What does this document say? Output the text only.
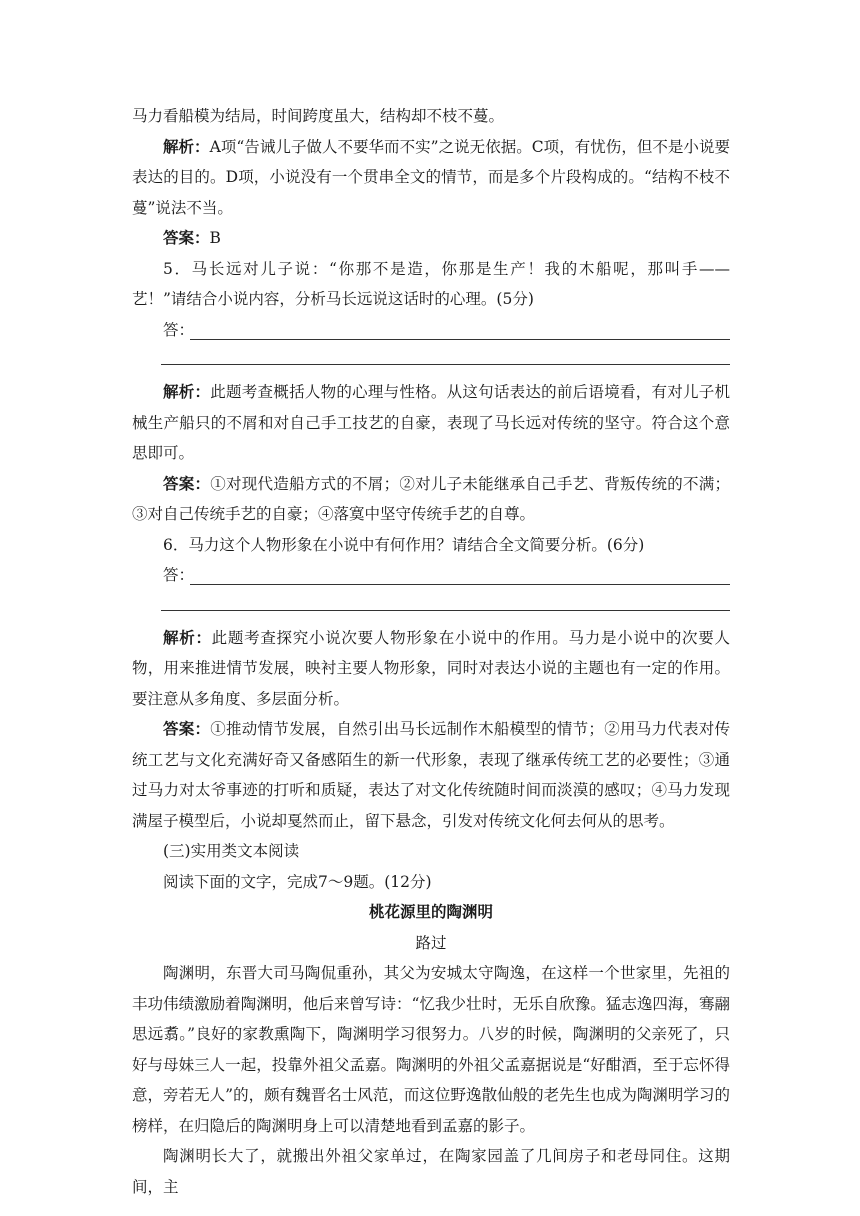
马力看船模为结局，时间跨度虽大，结构却不枝不蔓。

解析：A项“告诫儿子做人不要华而不实”之说无依据。C项，有忧伤，但不是小说要表达的目的。D项，小说没有一个贯串全文的情节，而是多个片段构成的。“结构不枝不蔓”说法不当。

答案：B

5．马长远对儿子说：“你那不是造，你那是生产！我的木船呢，那叫手——艺！”请结合小说内容，分析马长远说这话时的心理。(5分)

答：

解析：此题考查概括人物的心理与性格。从这句话表达的前后语境看，有对儿子机械生产船只的不屑和对自己手工技艺的自豪，表现了马长远对传统的坚守。符合这个意思即可。

答案：①对现代造船方式的不屑；②对儿子未能继承自己手艺、背叛传统的不满；③对自己传统手艺的自豪；④落寞中坚守传统手艺的自尊。

6．马力这个人物形象在小说中有何作用？请结合全文简要分析。(6分)

答：

解析：此题考查探究小说次要人物形象在小说中的作用。马力是小说中的次要人物，用来推进情节发展，映衬主要人物形象，同时对表达小说的主题也有一定的作用。要注意从多角度、多层面分析。

答案：①推动情节发展，自然引出马长远制作木船模型的情节；②用马力代表对传统工艺与文化充满好奇又备感陌生的新一代形象，表现了继承传统工艺的必要性；③通过马力对太爷事迹的打听和质疑，表达了对文化传统随时间而淡漠的感叹；④马力发现满屋子模型后，小说却戛然而止，留下悬念，引发对传统文化何去何从的思考。

(三)实用类文本阅读

阅读下面的文字，完成7～9题。(12分)

桃花源里的陶渊明

路过

陶渊明，东晋大司马陶侃重孙，其父为安城太守陶逸，在这样一个世家里，先祖的丰功伟绩激励着陶渊明，他后来曾写诗：“忆我少壮时，无乐自欣豫。猛志逸四海，骞翮思远翥。”良好的家教熏陶下，陶渊明学习很努力。八岁的时候，陶渊明的父亲死了，只好与母妹三人一起，投靠外祖父孟嘉。陶渊明的外祖父孟嘉据说是“好酣酒，至于忘怀得意，旁若无人”的，颇有魏晋名士风范，而这位野逸散仙般的老先生也成为陶渊明学习的榜样，在归隐后的陶渊明身上可以清楚地看到孟嘉的影子。

陶渊明长大了，就搬出外祖父家单过，在陶家园盖了几间房子和老母同住。这期间，主
